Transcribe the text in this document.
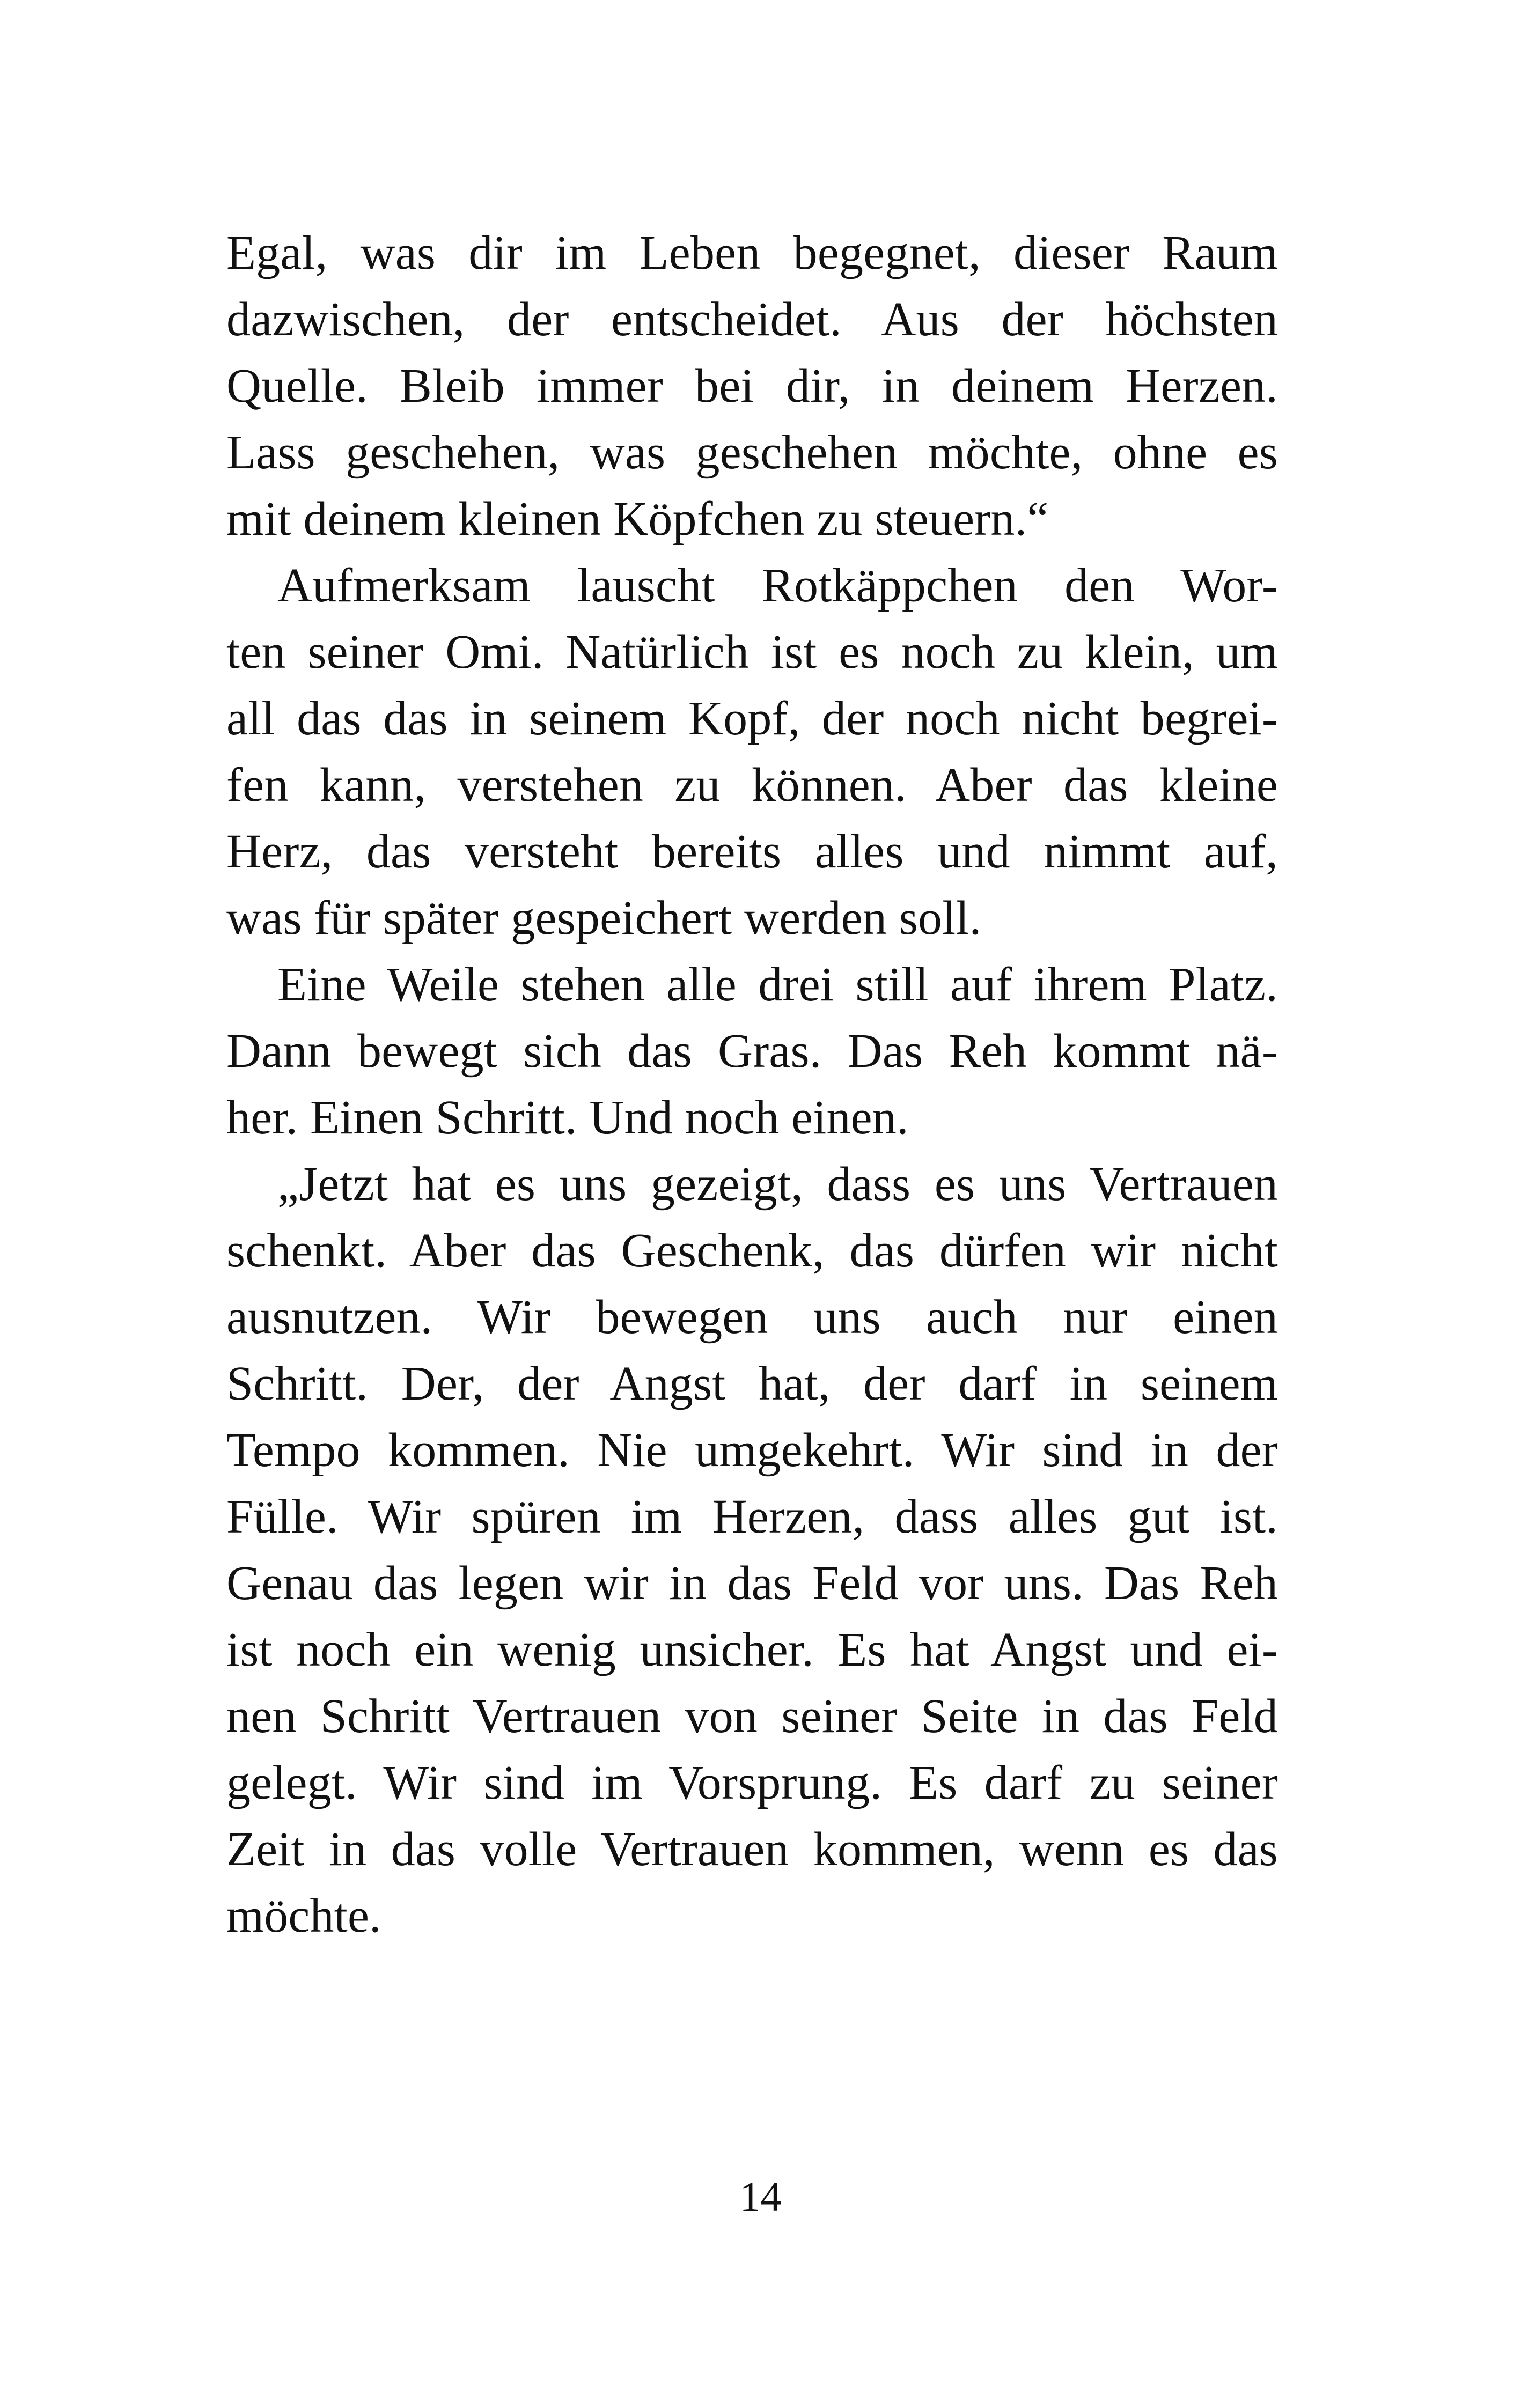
Egal, was dir im Leben begegnet, dieser Raum
dazwischen, der entscheidet. Aus der höchsten
Quelle. Bleib immer bei dir, in deinem Herzen.
Lass geschehen, was geschehen möchte, ohne es
mit deinem kleinen Köpfchen zu steuern.“
Aufmerksam lauscht Rotkäppchen den Wor-
ten seiner Omi. Natürlich ist es noch zu klein, um
all das das in seinem Kopf, der noch nicht begrei-
fen kann, verstehen zu können. Aber das kleine
Herz, das versteht bereits alles und nimmt auf,
was für später gespeichert werden soll.
Eine Weile stehen alle drei still auf ihrem Platz.
Dann bewegt sich das Gras. Das Reh kommt nä-
her. Einen Schritt. Und noch einen.
„Jetzt hat es uns gezeigt, dass es uns Vertrauen
schenkt. Aber das Geschenk, das dürfen wir nicht
ausnutzen. Wir bewegen uns auch nur einen
Schritt. Der, der Angst hat, der darf in seinem
Tempo kommen. Nie umgekehrt. Wir sind in der
Fülle. Wir spüren im Herzen, dass alles gut ist.
Genau das legen wir in das Feld vor uns. Das Reh
ist noch ein wenig unsicher. Es hat Angst und ei-
nen Schritt Vertrauen von seiner Seite in das Feld
gelegt. Wir sind im Vorsprung. Es darf zu seiner
Zeit in das volle Vertrauen kommen, wenn es das
möchte.
14
